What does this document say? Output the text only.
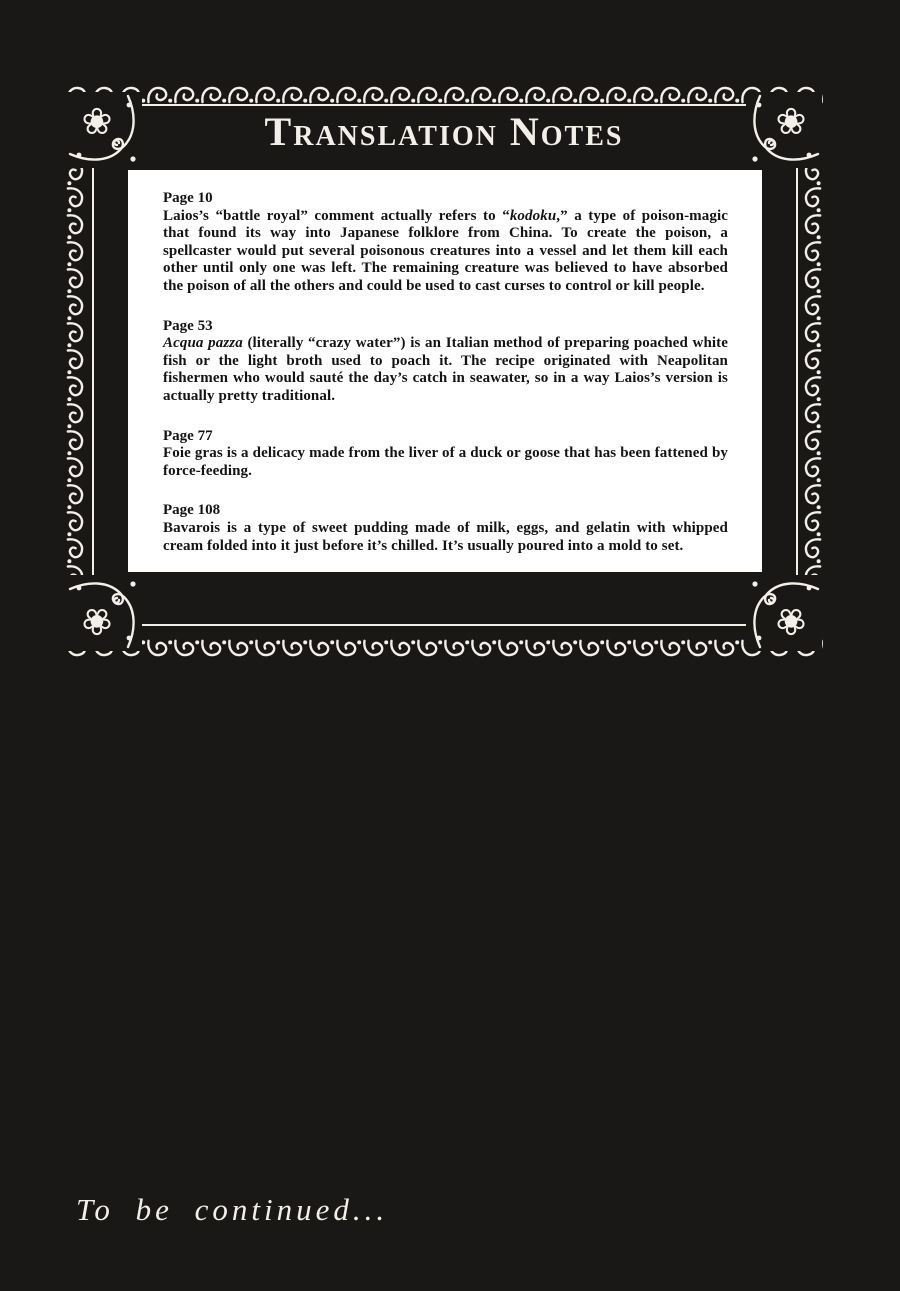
❀	❀
❀	❀
Translation Notes
Page 10

Laios’s “battle royal” comment actually refers to “kodoku,” a type of poison-magic that found its way into Japanese folklore from China. To create the poison, a spellcaster would put several poisonous creatures into a vessel and let them kill each other until only one was left. The remaining creature was believed to have absorbed the poison of all the others and could be used to cast curses to control or kill people.

Page 53

Acqua pazza (literally “crazy water”) is an Italian method of preparing poached white fish or the light broth used to poach it. The recipe originated with Neapolitan fishermen who would sauté the day’s catch in seawater, so in a way Laios’s version is actually pretty traditional.

Page 77

Foie gras is a delicacy made from the liver of a duck or goose that has been fattened by force-feeding.

Page 108

Bavarois is a type of sweet pudding made of milk, eggs, and gelatin with whipped cream folded into it just before it’s chilled. It’s usually poured into a mold to set.

To be continued...
